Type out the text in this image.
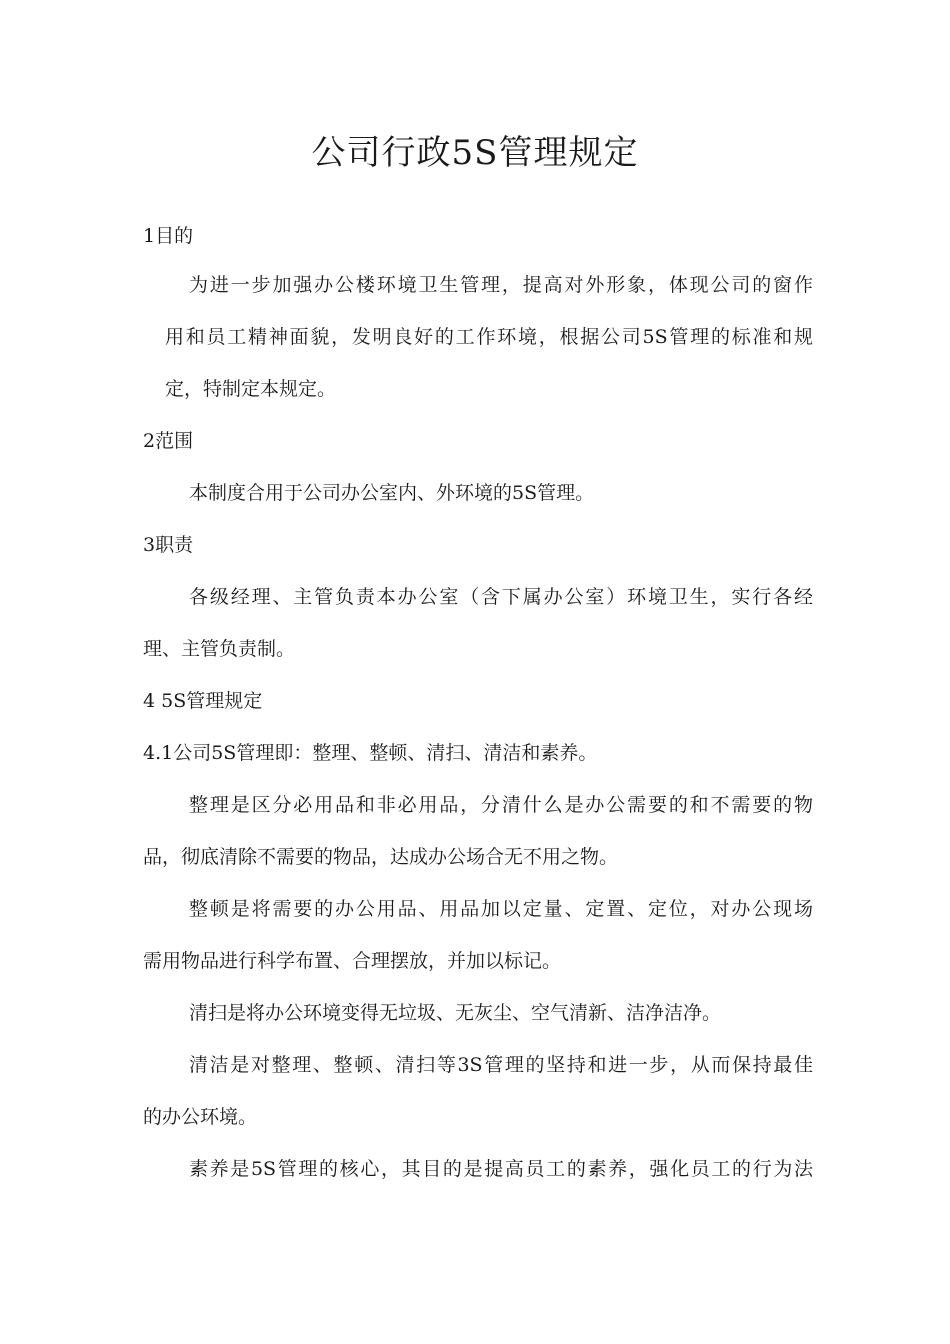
公司行政5S管理规定
1目的
为进一步加强办公楼环境卫生管理，提高对外形象，体现公司的窗作
用和员工精神面貌，发明良好的工作环境，根据公司5S管理的标准和规
定，特制定本规定。
2范围
本制度合用于公司办公室内、外环境的5S管理。
3职责
各级经理、主管负责本办公室（含下属办公室）环境卫生，实行各经
理、主管负责制。
4 5S管理规定
4.1公司5S管理即：整理、整顿、清扫、清洁和素养。
整理是区分必用品和非必用品，分清什么是办公需要的和不需要的物
品，彻底清除不需要的物品，达成办公场合无不用之物。
整顿是将需要的办公用品、用品加以定量、定置、定位，对办公现场
需用物品进行科学布置、合理摆放，并加以标记。
清扫是将办公环境变得无垃圾、无灰尘、空气清新、洁净洁净。
清洁是对整理、整顿、清扫等3S管理的坚持和进一步，从而保持最佳
的办公环境。
素养是5S管理的核心，其目的是提高员工的素养，强化员工的行为法
